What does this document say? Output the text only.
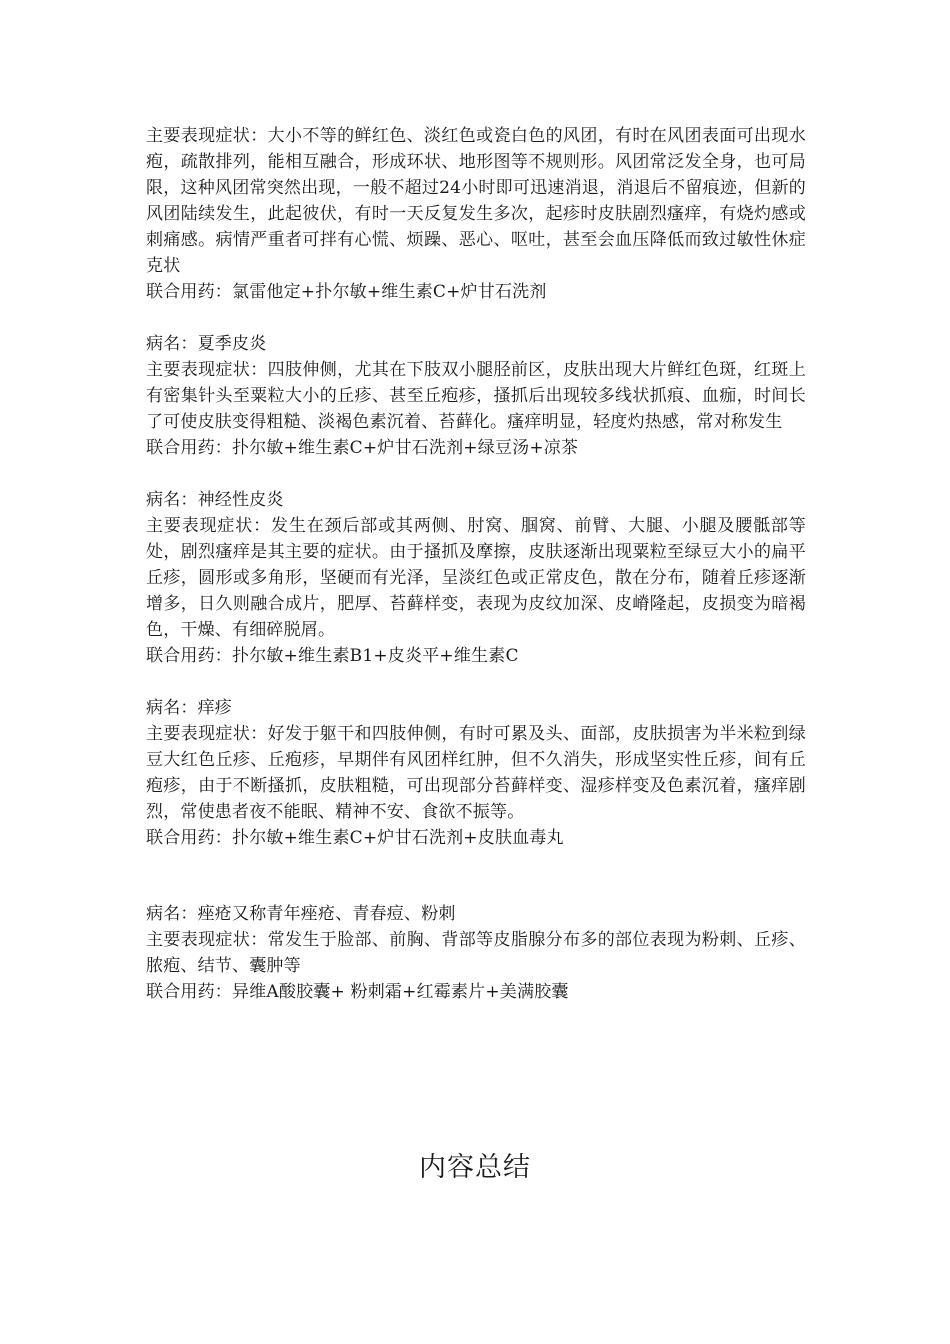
主要表现症状：大小不等的鲜红色、淡红色或瓷白色的风团，有时在风团表面可出现水疱，疏散排列，能相互融合，形成环状、地形图等不规则形。风团常泛发全身，也可局限，这种风团常突然出现，一般不超过24小时即可迅速消退，消退后不留痕迹，但新的风团陆续发生，此起彼伏，有时一天反复发生多次，起疹时皮肤剧烈瘙痒，有烧灼感或刺痛感。病情严重者可拌有心慌、烦躁、恶心、呕吐，甚至会血压降低而致过敏性休症克状

联合用药：氯雷他定+扑尔敏+维生素C+炉甘石洗剂

病名：夏季皮炎

主要表现症状：四肢伸侧，尤其在下肢双小腿胫前区，皮肤出现大片鲜红色斑，红斑上有密集针头至粟粒大小的丘疹、甚至丘疱疹，搔抓后出现较多线状抓痕、血痂，时间长了可使皮肤变得粗糙、淡褐色素沉着、苔藓化。瘙痒明显，轻度灼热感，常对称发生

联合用药：扑尔敏+维生素C+炉甘石洗剂+绿豆汤+凉茶

病名：神经性皮炎

主要表现症状：发生在颈后部或其两侧、肘窝、腘窝、前臂、大腿、小腿及腰骶部等处，剧烈瘙痒是其主要的症状。由于搔抓及摩擦，皮肤逐渐出现粟粒至绿豆大小的扁平丘疹，圆形或多角形，坚硬而有光泽，呈淡红色或正常皮色，散在分布，随着丘疹逐渐增多，日久则融合成片，肥厚、苔藓样变，表现为皮纹加深、皮嵴隆起，皮损变为暗褐色，干燥、有细碎脱屑。

联合用药：扑尔敏+维生素B1+皮炎平+维生素C

病名：痒疹

主要表现症状：好发于躯干和四肢伸侧，有时可累及头、面部，皮肤损害为半米粒到绿豆大红色丘疹、丘疱疹，早期伴有风团样红肿，但不久消失，形成坚实性丘疹，间有丘疱疹，由于不断搔抓，皮肤粗糙，可出现部分苔藓样变、湿疹样变及色素沉着，瘙痒剧烈，常使患者夜不能眠、精神不安、食欲不振等。

联合用药：扑尔敏+维生素C+炉甘石洗剂+皮肤血毒丸

病名：痤疮又称青年痤疮、青春痘、粉刺

主要表现症状：常发生于脸部、前胸、背部等皮脂腺分布多的部位表现为粉刺、丘疹、脓疱、结节、囊肿等

联合用药：异维A酸胶囊+ 粉刺霜+红霉素片+美满胶囊

内容总结
